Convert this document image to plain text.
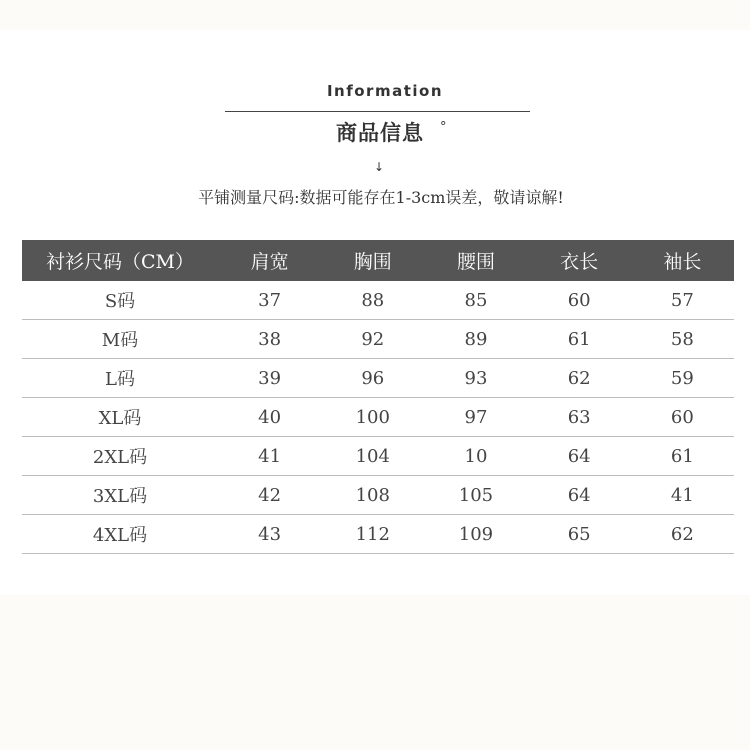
Information
商品信息	°
↓
平铺测量尺码:数据可能存在1-3cm误差，敬请谅解!
衬衫尺码（CM）	肩宽	胸围	腰围	衣长	袖长
S码	37	88	85	60	57
M码	38	92	89	61	58
L码	39	96	93	62	59
XL码	40	100	97	63	60
2XL码	41	104	10	64	61
3XL码	42	108	105	64	41
4XL码	43	112	109	65	62
